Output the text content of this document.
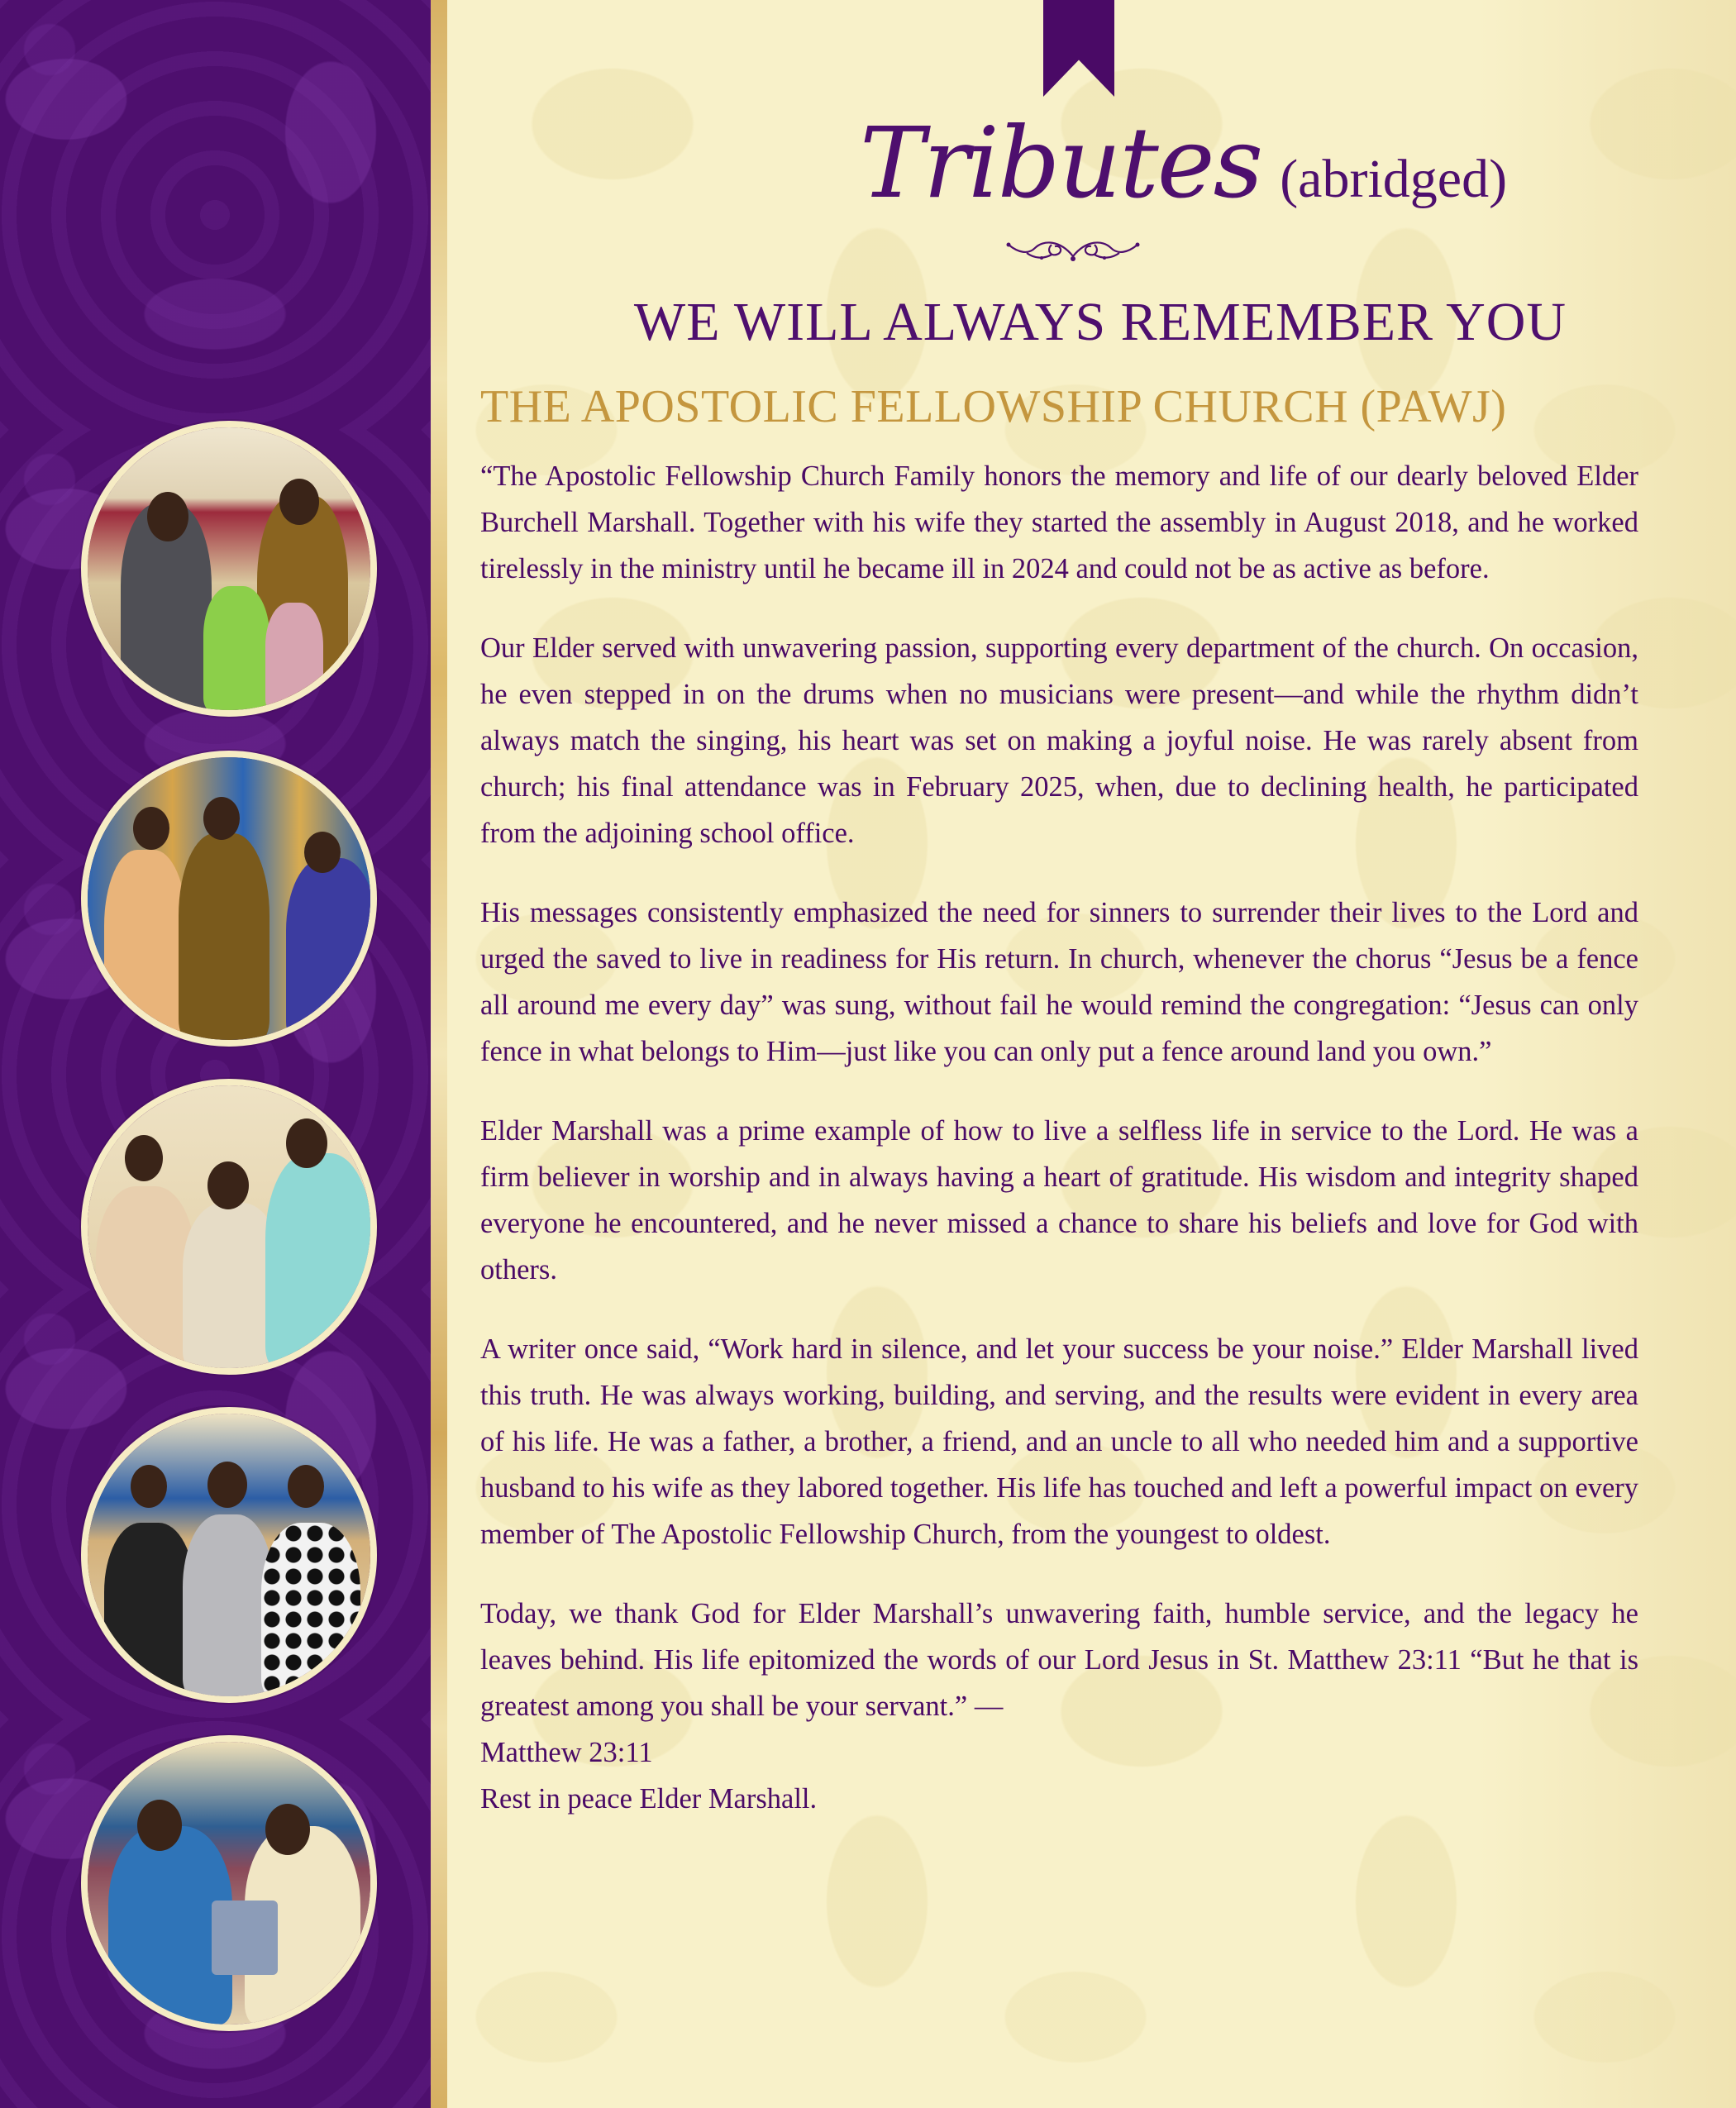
Tributes (abridged)
WE WILL ALWAYS REMEMBER YOU
THE APOSTOLIC FELLOWSHIP CHURCH (PAWJ)

“The Apostolic Fellowship Church Family honors the memory and life of our dearly beloved Elder Burchell Marshall. Together with his wife they started the assembly in August 2018, and he worked tirelessly in the ministry until he became ill in 2024 and could not be as active as before.

Our Elder served with unwavering passion, supporting every department of the church. On occasion, he even stepped in on the drums when no musicians were present—and while the rhythm didn’t always match the singing, his heart was set on making a joyful noise. He was rarely absent from church; his final attendance was in February 2025, when, due to declining health, he participated from the adjoining school office.

His messages consistently emphasized the need for sinners to surrender their lives to the Lord and urged the saved to live in readiness for His return. In church, whenever the chorus “Jesus be a fence all around me every day” was sung, without fail he would remind the congregation: “Jesus can only fence in what belongs to Him—just like you can only put a fence around land you own.”

Elder Marshall was a prime example of how to live a selfless life in service to the Lord. He was a firm believer in worship and in always having a heart of gratitude. His wisdom and integrity shaped everyone he encountered, and he never missed a chance to share his beliefs and love for God with others.

A writer once said, “Work hard in silence, and let your success be your noise.” Elder Marshall lived this truth. He was always working, building, and serving, and the results were evident in every area of his life. He was a father, a brother, a friend, and an uncle to all who needed him and a supportive husband to his wife as they labored together. His life has touched and left a powerful impact on every member of The Apostolic Fellowship Church, from the youngest to oldest.

Today, we thank God for Elder Marshall’s unwavering faith, humble service, and the legacy he leaves behind. His life epitomized the words of our Lord Jesus in St. Matthew 23:11 “But he that is greatest among you shall be your servant.” —

Matthew 23:11

Rest in peace Elder Marshall.
